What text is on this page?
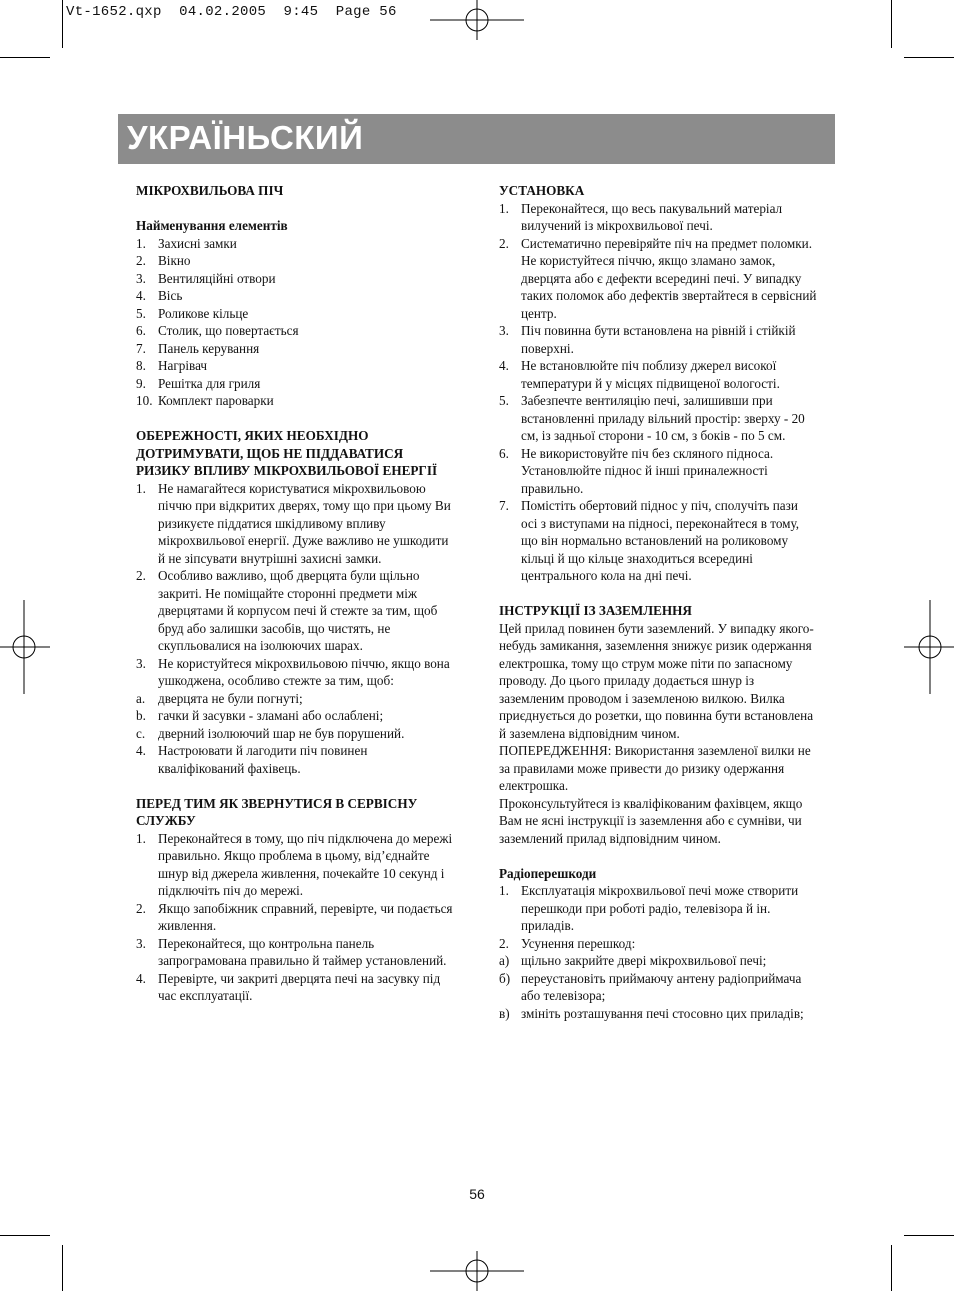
Vt-1652.qxp  04.02.2005  9:45  Page 56
УКРАЇНЬСКИЙ
МІКРОХВИЛЬОВА ПІЧ
Найменування елементів
1. Захисні замки
2. Вікно
3. Вентиляційні отвори
4. Вісь
5. Роликове кільце
6. Столик, що повертається
7. Панель керування
8. Нагрівач
9. Решітка для гриля
10. Комплект пароварки
ОБЕРЕЖНОСТІ, ЯКИХ НЕОБХІДНО ДОТРИМУВАТИ, ЩОБ НЕ ПІДДАВАТИСЯ РИЗИКУ ВПЛИВУ МІКРОХВИЛЬОВОЇ ЕНЕРГІЇ
1. Не намагайтеся користуватися мікрохвильовою піччю при відкритих дверях, тому що при цьому Ви ризикуєте піддатися шкідливому впливу мікрохвильової енергії. Дуже важливо не ушкодити й не зіпсувати внутрішні захисні замки.
2. Особливо важливо, щоб дверцята були щільно закриті. Не поміщайте сторонні предмети між дверцятами й корпусом печі й стежте за тим, щоб бруд або залишки засобів, що чистять, не скупльовалися на ізолюючих шарах.
3. Не користуйтеся мікрохвильовою піччю, якщо вона ушкоджена, особливо стежте за тим, щоб:
a. дверцята не були погнуті;
b. гачки й засувки - зламані або ослаблені;
c. дверний ізолюючий шар не був порушений.
4. Настроювати й лагодити піч повинен кваліфікований фахівець.
ПЕРЕД ТИМ ЯК ЗВЕРНУТИСЯ В СЕРВІСНУ СЛУЖБУ
1. Переконайтеся в тому, що піч підключена до мережі правильно. Якщо проблема в цьому, від’єднайте шнур від джерела живлення, почекайте 10 секунд і підключіть піч до мережі.
2. Якщо запобіжник справний, перевірте, чи подається живлення.
3. Переконайтеся, що контрольна панель запрограмована правильно й таймер установлений.
4. Перевірте, чи закриті дверцята печі на засувку під час експлуатації.
УСТАНОВКА
1. Переконайтеся, що весь пакувальний матеріал вилучений із мікрохвильової печі.
2. Систематично перевіряйте піч на предмет поломки. Не користуйтеся піччю, якщо зламано замок, дверцята або є дефекти всередині печі. У випадку таких поломок або дефектів звертайтеся в сервісний центр.
3. Піч повинна бути встановлена на рівній і стійкій поверхні.
4. Не встановлюйте піч поблизу джерел високої температури й у місцях підвищеної вологості.
5. Забезпечте вентиляцію печі, залишивши при встановленні приладу вільний простір: зверху - 20 см, із задньої сторони - 10 см, з боків - по 5 см.
6. Не використовуйте піч без скляного підноса. Установлюйте піднос й інші приналежності правильно.
7. Помістіть обертовий піднос у піч, сполучіть пази осі з виступами на підносі, переконайтеся в тому, що він нормально встановлений на роликовому кільці й що кільце знаходиться всередині центрального кола на дні печі.
ІНСТРУКЦІЇ ІЗ ЗАЗЕМЛЕННЯ
Цей прилад повинен бути заземлений. У випадку якого-небудь замикання, заземлення знижує ризик одержання електрошка, тому що струм може піти по запасному проводу. До цього приладу додається шнур із заземленим проводом і заземленою вилкою. Вилка приєднується до розетки, що повинна бути встановлена й заземлена відповідним чином.
ПОПЕРЕДЖЕННЯ: Використання заземленої вилки не за правилами може привести до ризику одержання електрошка.
Проконсультуйтеся із кваліфікованим фахівцем, якщо Вам не ясні інструкції із заземлення або є сумніви, чи заземлений прилад відповідним чином.
Радіоперешкоди
1. Експлуатація мікрохвильової печі може створити перешкоди при роботі радіо, телевізора й ін. приладів.
2. Усунення перешкод:
а) щільно закрийте двері мікрохвильової печі;
б) переустановіть приймаючу антену радіоприймача або телевізора;
в) змініть розташування печі стосовно цих приладів;
56
